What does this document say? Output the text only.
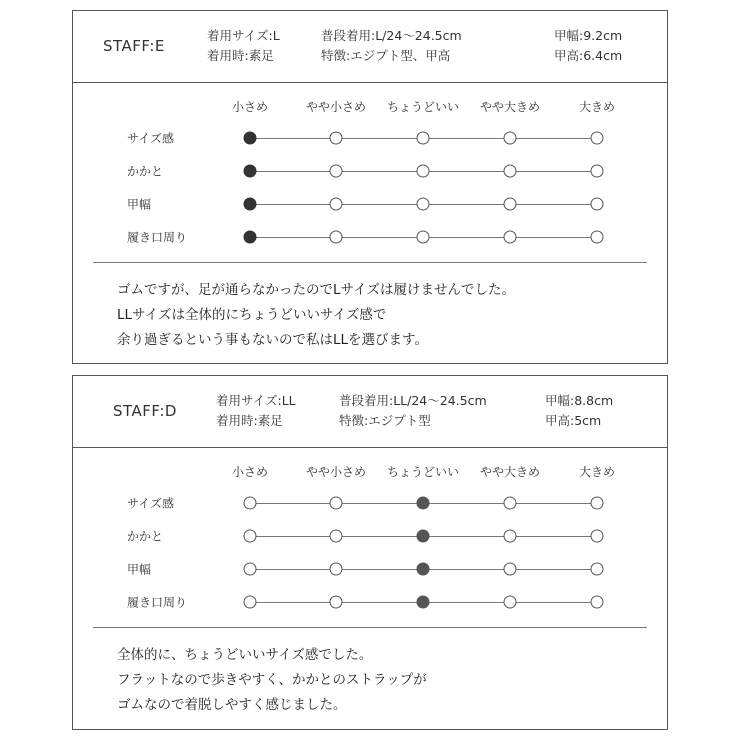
STAFF:E
着用サイズ:L
着用時:素足
普段着用:L/24～24.5cm
特徴:エジプト型、甲高
甲幅:9.2cm
甲高:6.4cm
ゴムですが、足が通らなかったのでLサイズは履けませんでした。
LLサイズは全体的にちょうどいいサイズ感で
余り過ぎるという事もないので私はLLを選びます。
小さめ	やや小さめ ちょうどいい やや大きめ	大きめ
サイズ感
かかと
甲幅
履き口周り
STAFF:D
着用サイズ:LL
着用時:素足
普段着用:LL/24～24.5cm
特徴:エジプト型
甲幅:8.8cm
甲高:5cm
全体的に、ちょうどいいサイズ感でした。
フラットなので歩きやすく、かかとのストラップが
ゴムなので着脱しやすく感じました。
小さめ	やや小さめ ちょうどいい やや大きめ	大きめ
サイズ感
かかと
甲幅
履き口周り
